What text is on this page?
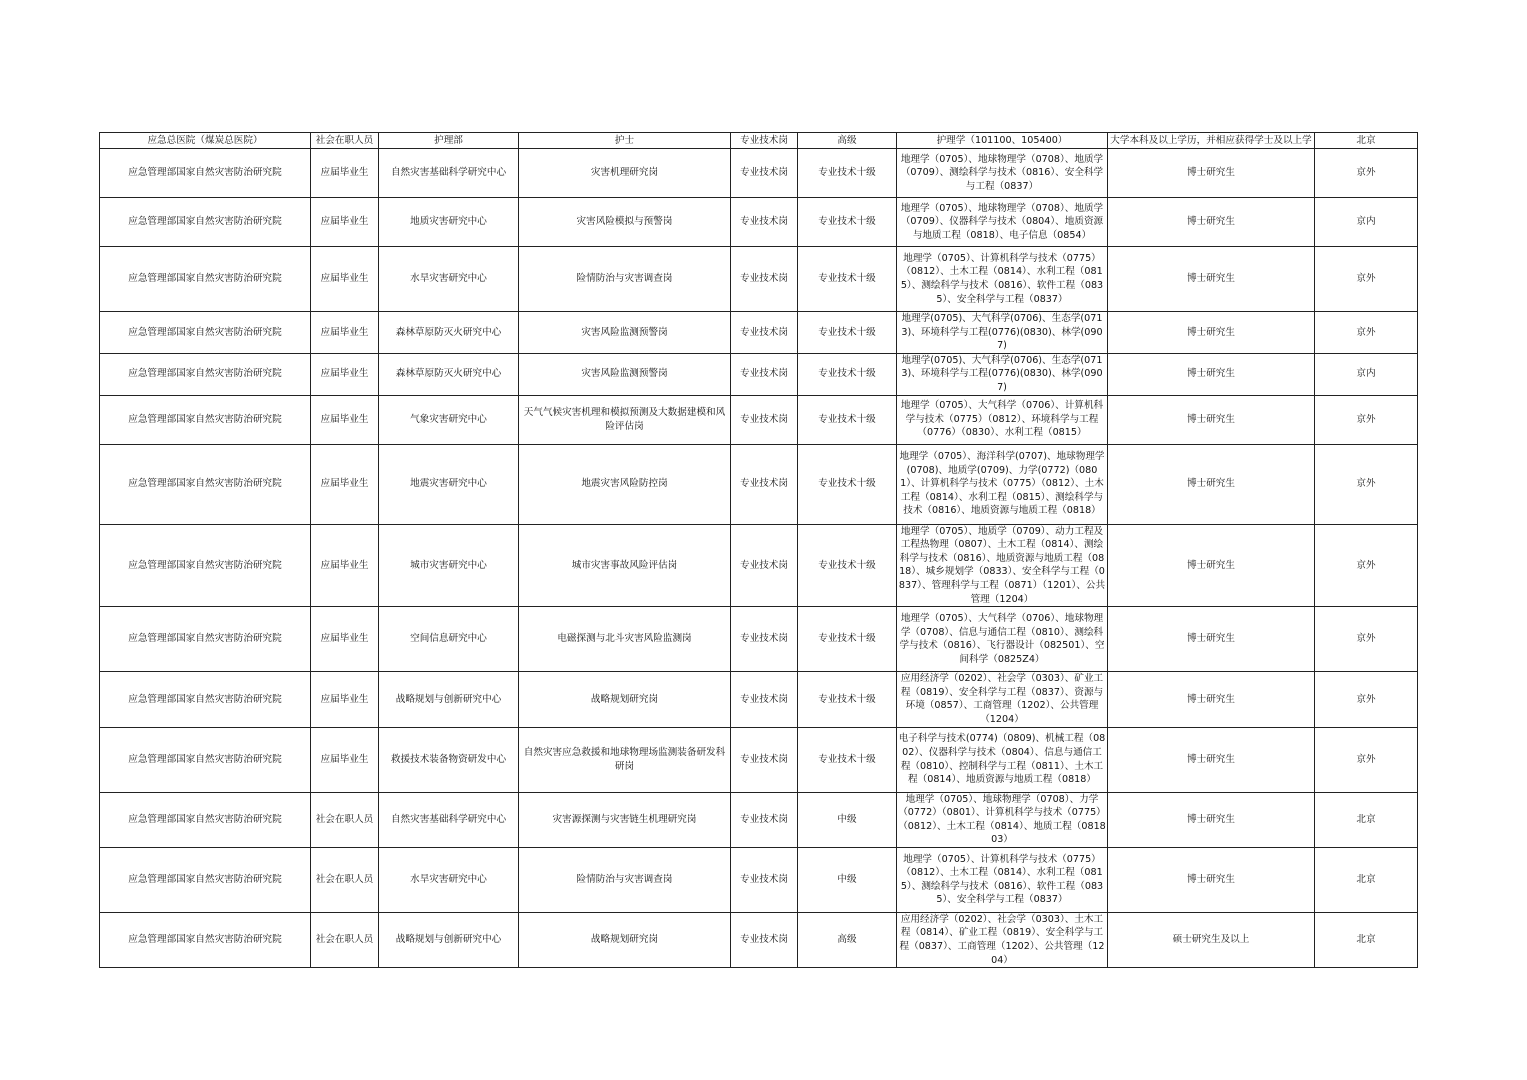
应急总医院（煤炭总医院）	社会在职人员	护理部	护士	专业技术岗	高级	护理学（101100、105400）	大学本科及以上学历，并相应获得学士及以上学	北京
应急管理部国家自然灾害防治研究院	应届毕业生	自然灾害基础科学研究中心	灾害机理研究岗	专业技术岗	专业技术十级	地理学（0705）、地球物理学（0708）、地质学（0709）、测绘科学与技术（0816）、安全科学与工程（0837）	博士研究生	京外
应急管理部国家自然灾害防治研究院	应届毕业生	地质灾害研究中心	灾害风险模拟与预警岗	专业技术岗	专业技术十级	地理学（0705）、地球物理学（0708）、地质学（0709）、仪器科学与技术（0804）、地质资源与地质工程（0818）、电子信息（0854）	博士研究生	京内
应急管理部国家自然灾害防治研究院	应届毕业生	水旱灾害研究中心	险情防治与灾害调查岗	专业技术岗	专业技术十级	地理学（0705）、计算机科学与技术（0775）（0812）、土木工程（0814）、水利工程（0815）、测绘科学与技术（0816）、软件工程（0835）、安全科学与工程（0837）	博士研究生	京外
应急管理部国家自然灾害防治研究院	应届毕业生	森林草原防灭火研究中心	灾害风险监测预警岗	专业技术岗	专业技术十级	地理学(0705)、大气科学(0706)、生态学(0713)、环境科学与工程(0776)(0830)、林学(0907)	博士研究生	京外
应急管理部国家自然灾害防治研究院	应届毕业生	森林草原防灭火研究中心	灾害风险监测预警岗	专业技术岗	专业技术十级	地理学(0705)、大气科学(0706)、生态学(0713)、环境科学与工程(0776)(0830)、林学(0907)	博士研究生	京内
应急管理部国家自然灾害防治研究院	应届毕业生	气象灾害研究中心	天气气候灾害机理和模拟预测及大数据建模和风险评估岗	专业技术岗	专业技术十级	地理学（0705）、大气科学（0706）、计算机科学与技术（0775）（0812）、环境科学与工程（0776）（0830）、水利工程（0815）	博士研究生	京外
应急管理部国家自然灾害防治研究院	应届毕业生	地震灾害研究中心	地震灾害风险防控岗	专业技术岗	专业技术十级	地理学（0705）、海洋科学(0707)、地球物理学(0708)、地质学(0709)、力学(0772)（0801）、计算机科学与技术（0775）（0812）、土木工程（0814）、水利工程（0815）、测绘科学与技术（0816）、地质资源与地质工程（0818）	博士研究生	京外
应急管理部国家自然灾害防治研究院	应届毕业生	城市灾害研究中心	城市灾害事故风险评估岗	专业技术岗	专业技术十级	地理学（0705）、地质学（0709）、动力工程及工程热物理（0807）、土木工程（0814）、测绘科学与技术（0816）、地质资源与地质工程（0818）、城乡规划学（0833）、安全科学与工程（0837）、管理科学与工程（0871）（1201）、公共管理（1204）	博士研究生	京外
应急管理部国家自然灾害防治研究院	应届毕业生	空间信息研究中心	电磁探测与北斗灾害风险监测岗	专业技术岗	专业技术十级	地理学（0705）、大气科学（0706）、地球物理学（0708）、信息与通信工程（0810）、测绘科学与技术（0816）、飞行器设计（082501）、空间科学（0825Z4）	博士研究生	京外
应急管理部国家自然灾害防治研究院	应届毕业生	战略规划与创新研究中心	战略规划研究岗	专业技术岗	专业技术十级	应用经济学（0202）、社会学（0303）、矿业工程（0819）、安全科学与工程（0837）、资源与环境（0857）、工商管理（1202）、公共管理（1204）	博士研究生	京外
应急管理部国家自然灾害防治研究院	应届毕业生	救援技术装备物资研发中心	自然灾害应急救援和地球物理场监测装备研发科研岗	专业技术岗	专业技术十级	电子科学与技术(0774)（0809)、机械工程（0802）、仪器科学与技术（0804）、信息与通信工程（0810）、控制科学与工程（0811）、土木工程（0814）、地质资源与地质工程（0818）	博士研究生	京外
应急管理部国家自然灾害防治研究院	社会在职人员	自然灾害基础科学研究中心	灾害源探测与灾害链生机理研究岗	专业技术岗	中级	地理学（0705）、地球物理学（0708）、力学（0772）（0801）、计算机科学与技术（0775）（0812）、土木工程（0814）、地质工程（081803）	博士研究生	北京
应急管理部国家自然灾害防治研究院	社会在职人员	水旱灾害研究中心	险情防治与灾害调查岗	专业技术岗	中级	地理学（0705）、计算机科学与技术（0775）（0812）、土木工程（0814）、水利工程（0815）、测绘科学与技术（0816）、软件工程（0835）、安全科学与工程（0837）	博士研究生	北京
应急管理部国家自然灾害防治研究院	社会在职人员	战略规划与创新研究中心	战略规划研究岗	专业技术岗	高级	应用经济学（0202）、社会学（0303）、土木工程（0814）、矿业工程（0819）、安全科学与工程（0837）、工商管理（1202）、公共管理（1204）	硕士研究生及以上	北京
